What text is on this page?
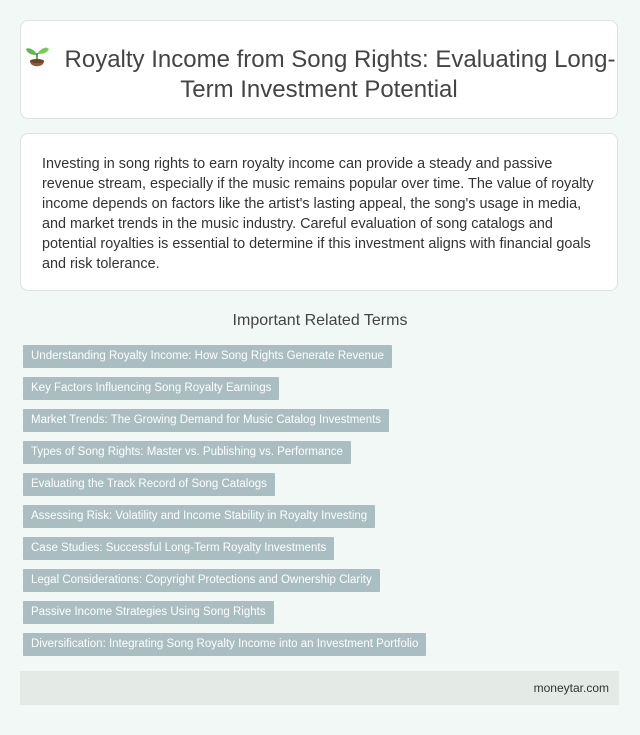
Royalty Income from Song Rights: Evaluating Long-Term Investment Potential

Investing in song rights to earn royalty income can provide a steady and passive revenue stream, especially if the music remains popular over time. The value of royalty income depends on factors like the artist's lasting appeal, the song's usage in media, and market trends in the music industry. Careful evaluation of song catalogs and potential royalties is essential to determine if this investment aligns with financial goals and risk tolerance.

Important Related Terms
Understanding Royalty Income: How Song Rights Generate Revenue
Key Factors Influencing Song Royalty Earnings
Market Trends: The Growing Demand for Music Catalog Investments
Types of Song Rights: Master vs. Publishing vs. Performance
Evaluating the Track Record of Song Catalogs
Assessing Risk: Volatility and Income Stability in Royalty Investing
Case Studies: Successful Long-Term Royalty Investments
Legal Considerations: Copyright Protections and Ownership Clarity
Passive Income Strategies Using Song Rights
Diversification: Integrating Song Royalty Income into an Investment Portfolio
moneytar.com
